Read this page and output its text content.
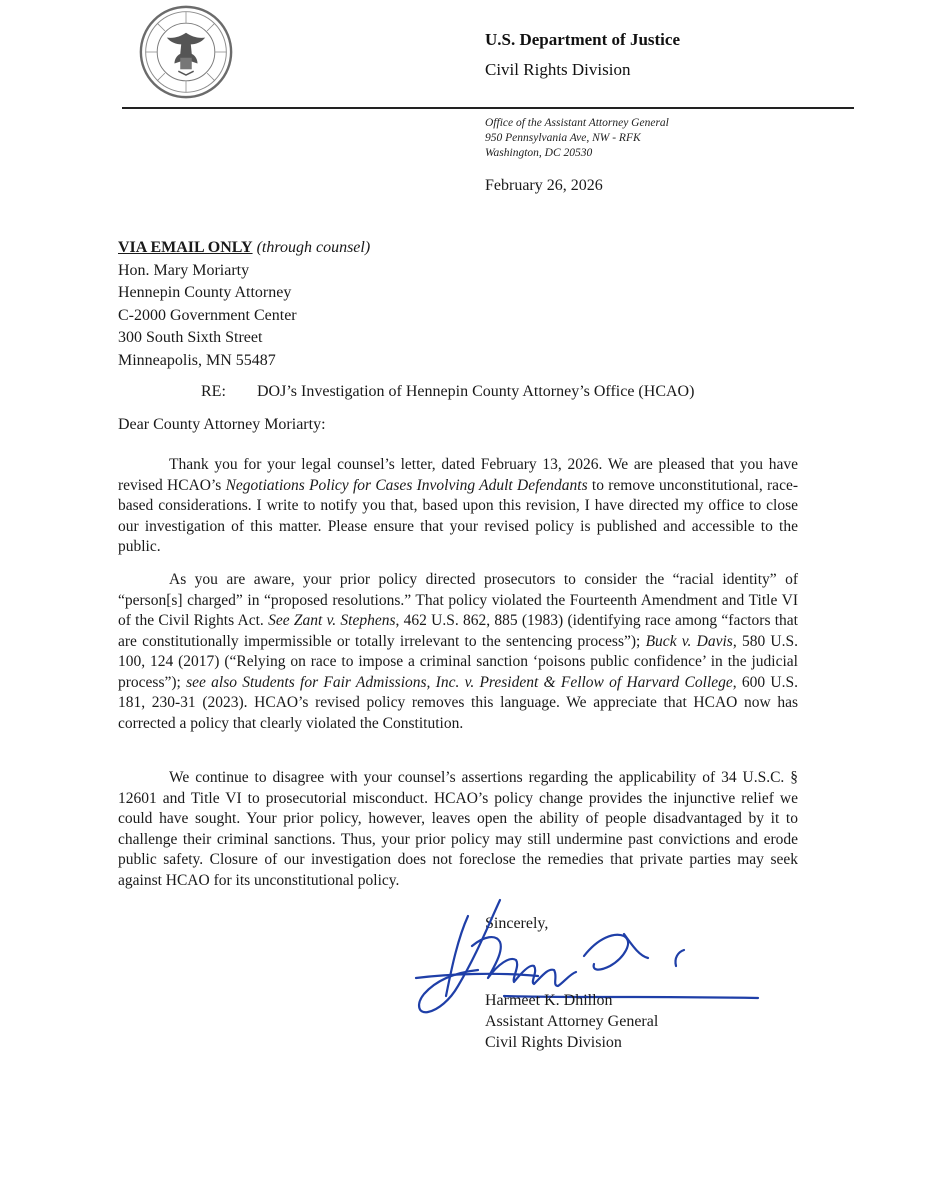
U.S. Department of Justice
Civil Rights Division
Office of the Assistant Attorney General
950 Pennsylvania Ave, NW - RFK
Washington, DC 20530
February 26, 2026
VIA EMAIL ONLY (through counsel)
Hon. Mary Moriarty
Hennepin County Attorney
C-2000 Government Center
300 South Sixth Street
Minneapolis, MN 55487
RE: DOJ’s Investigation of Hennepin County Attorney’s Office (HCAO)
Dear County Attorney Moriarty:

Thank you for your legal counsel’s letter, dated February 13, 2026. We are pleased that you have revised HCAO’s Negotiations Policy for Cases Involving Adult Defendants to remove unconstitutional, race-based considerations. I write to notify you that, based upon this revision, I have directed my office to close our investigation of this matter. Please ensure that your revised policy is published and accessible to the public.

As you are aware, your prior policy directed prosecutors to consider the “racial identity” of “person[s] charged” in “proposed resolutions.” That policy violated the Fourteenth Amendment and Title VI of the Civil Rights Act. See Zant v. Stephens, 462 U.S. 862, 885 (1983) (identifying race among “factors that are constitutionally impermissible or totally irrelevant to the sentencing process”); Buck v. Davis, 580 U.S. 100, 124 (2017) (“Relying on race to impose a criminal sanction ‘poisons public confidence’ in the judicial process”); see also Students for Fair Admissions, Inc. v. President & Fellow of Harvard College, 600 U.S. 181, 230-31 (2023). HCAO’s revised policy removes this language. We appreciate that HCAO now has corrected a policy that clearly violated the Constitution.

We continue to disagree with your counsel’s assertions regarding the applicability of 34 U.S.C. § 12601 and Title VI to prosecutorial misconduct. HCAO’s policy change provides the injunctive relief we could have sought. Your prior policy, however, leaves open the ability of people disadvantaged by it to challenge their criminal sanctions. Thus, your prior policy may still undermine past convictions and erode public safety. Closure of our investigation does not foreclose the remedies that private parties may seek against HCAO for its unconstitutional policy.

Sincerely,
Harmeet K. Dhillon
Assistant Attorney General
Civil Rights Division
